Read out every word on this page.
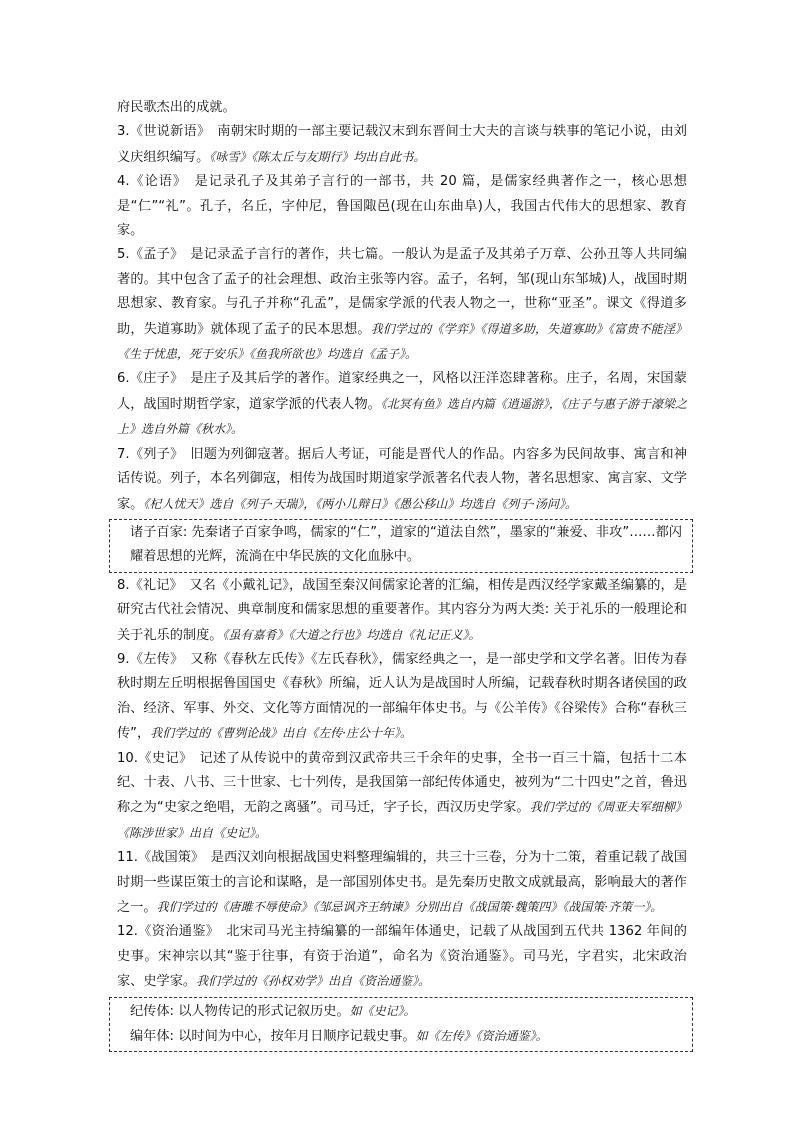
府民歌杰出的成就。

3.《世说新语》　南朝宋时期的一部主要记载汉末到东晋间士大夫的言谈与轶事的笔记小说，由刘义庆组织编写。《咏雪》《陈太丘与友期行》均出自此书。

4.《论语》　是记录孔子及其弟子言行的一部书，共 20 篇，是儒家经典著作之一，核心思想是“仁”“礼”。孔子，名丘，字仲尼，鲁国陬邑(现在山东曲阜)人，我国古代伟大的思想家、教育家。

5.《孟子》　是记录孟子言行的著作，共七篇。一般认为是孟子及其弟子万章、公孙丑等人共同编著的。其中包含了孟子的社会理想、政治主张等内容。孟子，名轲，邹(现山东邹城)人，战国时期思想家、教育家。与孔子并称“孔孟”，是儒家学派的代表人物之一，世称“亚圣”。课文《得道多助，失道寡助》就体现了孟子的民本思想。我们学过的《学弈》《得道多助，失道寡助》《富贵不能淫》《生于忧患，死于安乐》《鱼我所欲也》均选自《孟子》。

6.《庄子》　是庄子及其后学的著作。道家经典之一，风格以汪洋恣肆著称。庄子，名周，宋国蒙人，战国时期哲学家，道家学派的代表人物。《北冥有鱼》选自内篇《逍遥游》，《庄子与惠子游于濠梁之上》选自外篇《秋水》。

7.《列子》　旧题为列御寇著。据后人考证，可能是晋代人的作品。内容多为民间故事、寓言和神话传说。列子，本名列御寇，相传为战国时期道家学派著名代表人物，著名思想家、寓言家、文学家。《杞人忧天》选自《列子·天瑞》，《两小儿辩日》《愚公移山》均选自《列子·汤问》。

诸子百家: 先秦诸子百家争鸣，儒家的“仁”，道家的“道法自然”，墨家的“兼爱、非攻”……都闪耀着思想的光辉，流淌在中华民族的文化血脉中。

8.《礼记》　又名《小戴礼记》，战国至秦汉间儒家论著的汇编，相传是西汉经学家戴圣编纂的，是研究古代社会情况、典章制度和儒家思想的重要著作。其内容分为两大类: 关于礼乐的一般理论和关于礼乐的制度。《虽有嘉肴》《大道之行也》均选自《礼记正义》。

9.《左传》　又称《春秋左氏传》《左氏春秋》，儒家经典之一，是一部史学和文学名著。旧传为春秋时期左丘明根据鲁国国史《春秋》所编，近人认为是战国时人所编，记载春秋时期各诸侯国的政治、经济、军事、外交、文化等方面情况的一部编年体史书。与《公羊传》《谷梁传》合称“春秋三传”，我们学过的《曹刿论战》出自《左传·庄公十年》。

10.《史记》　记述了从传说中的黄帝到汉武帝共三千余年的史事，全书一百三十篇，包括十二本纪、十表、八书、三十世家、七十列传，是我国第一部纪传体通史，被列为“二十四史”之首，鲁迅称之为“史家之绝唱，无韵之离骚”。司马迁，字子长，西汉历史学家。我们学过的《周亚夫军细柳》《陈涉世家》出自《史记》。

11.《战国策》　是西汉刘向根据战国史料整理编辑的，共三十三卷，分为十二策，着重记载了战国时期一些谋臣策士的言论和谋略，是一部国别体史书。是先秦历史散文成就最高，影响最大的著作之一。我们学过的《唐雎不辱使命》《邹忌讽齐王纳谏》分别出自《战国策·魏策四》《战国策·齐策一》。

12.《资治通鉴》　北宋司马光主持编纂的一部编年体通史，记载了从战国到五代共 1362 年间的史事。宋神宗以其“鉴于往事，有资于治道”，命名为《资治通鉴》。司马光，字君实，北宋政治家、史学家。我们学过的《孙权劝学》出自《资治通鉴》。

纪传体: 以人物传记的形式记叙历史。如《史记》。

编年体: 以时间为中心，按年月日顺序记载史事。如《左传》《资治通鉴》。
